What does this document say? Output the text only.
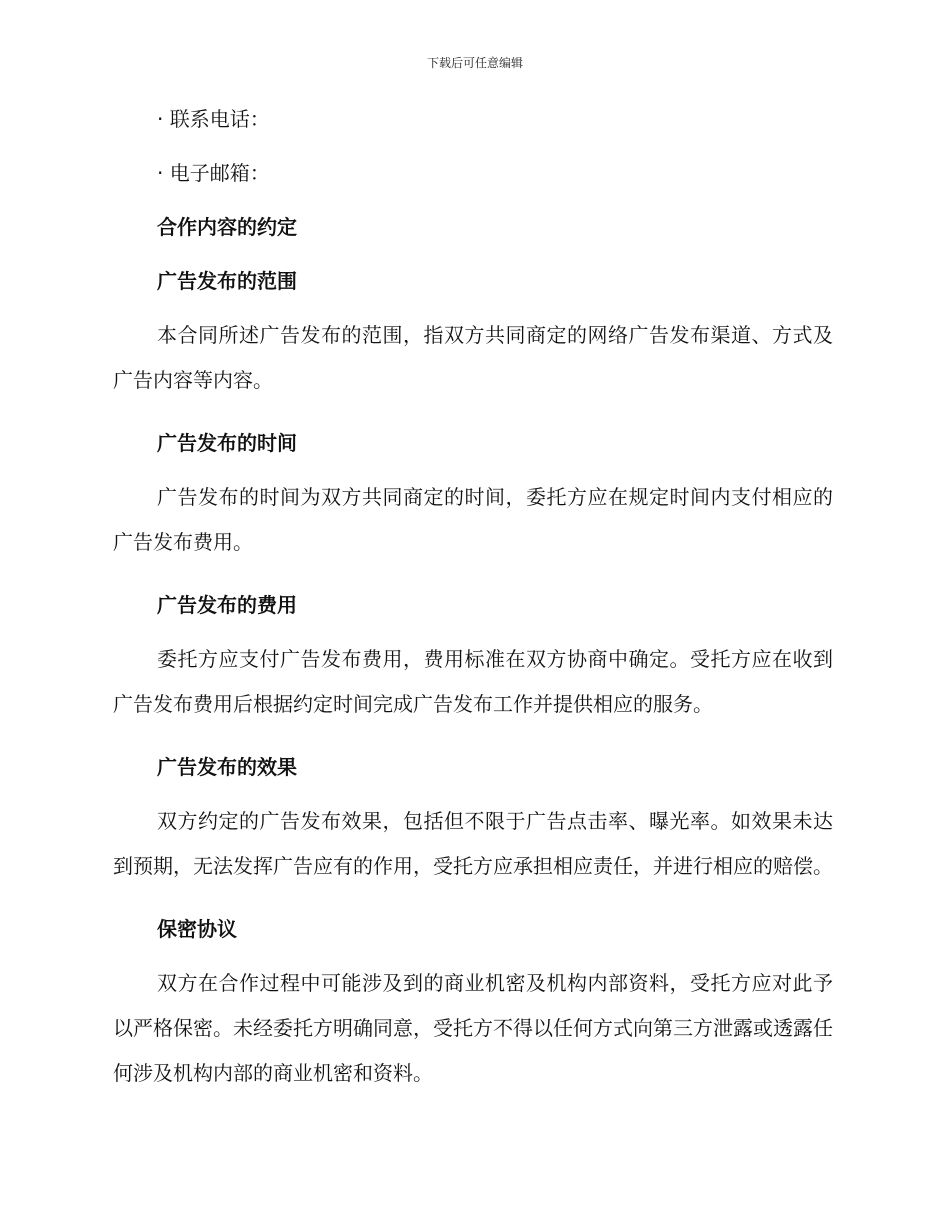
下载后可任意编辑
· 联系电话：
· 电子邮箱：
合作内容的约定
广告发布的范围

本合同所述广告发布的范围，指双方共同商定的网络广告发布渠道、方式及广告内容等内容。

广告发布的时间

广告发布的时间为双方共同商定的时间，委托方应在规定时间内支付相应的广告发布费用。

广告发布的费用

委托方应支付广告发布费用，费用标准在双方协商中确定。受托方应在收到广告发布费用后根据约定时间完成广告发布工作并提供相应的服务。

广告发布的效果

双方约定的广告发布效果，包括但不限于广告点击率、曝光率。如效果未达到预期，无法发挥广告应有的作用，受托方应承担相应责任，并进行相应的赔偿。

保密协议

双方在合作过程中可能涉及到的商业机密及机构内部资料，受托方应对此予以严格保密。未经委托方明确同意，受托方不得以任何方式向第三方泄露或透露任何涉及机构内部的商业机密和资料。
